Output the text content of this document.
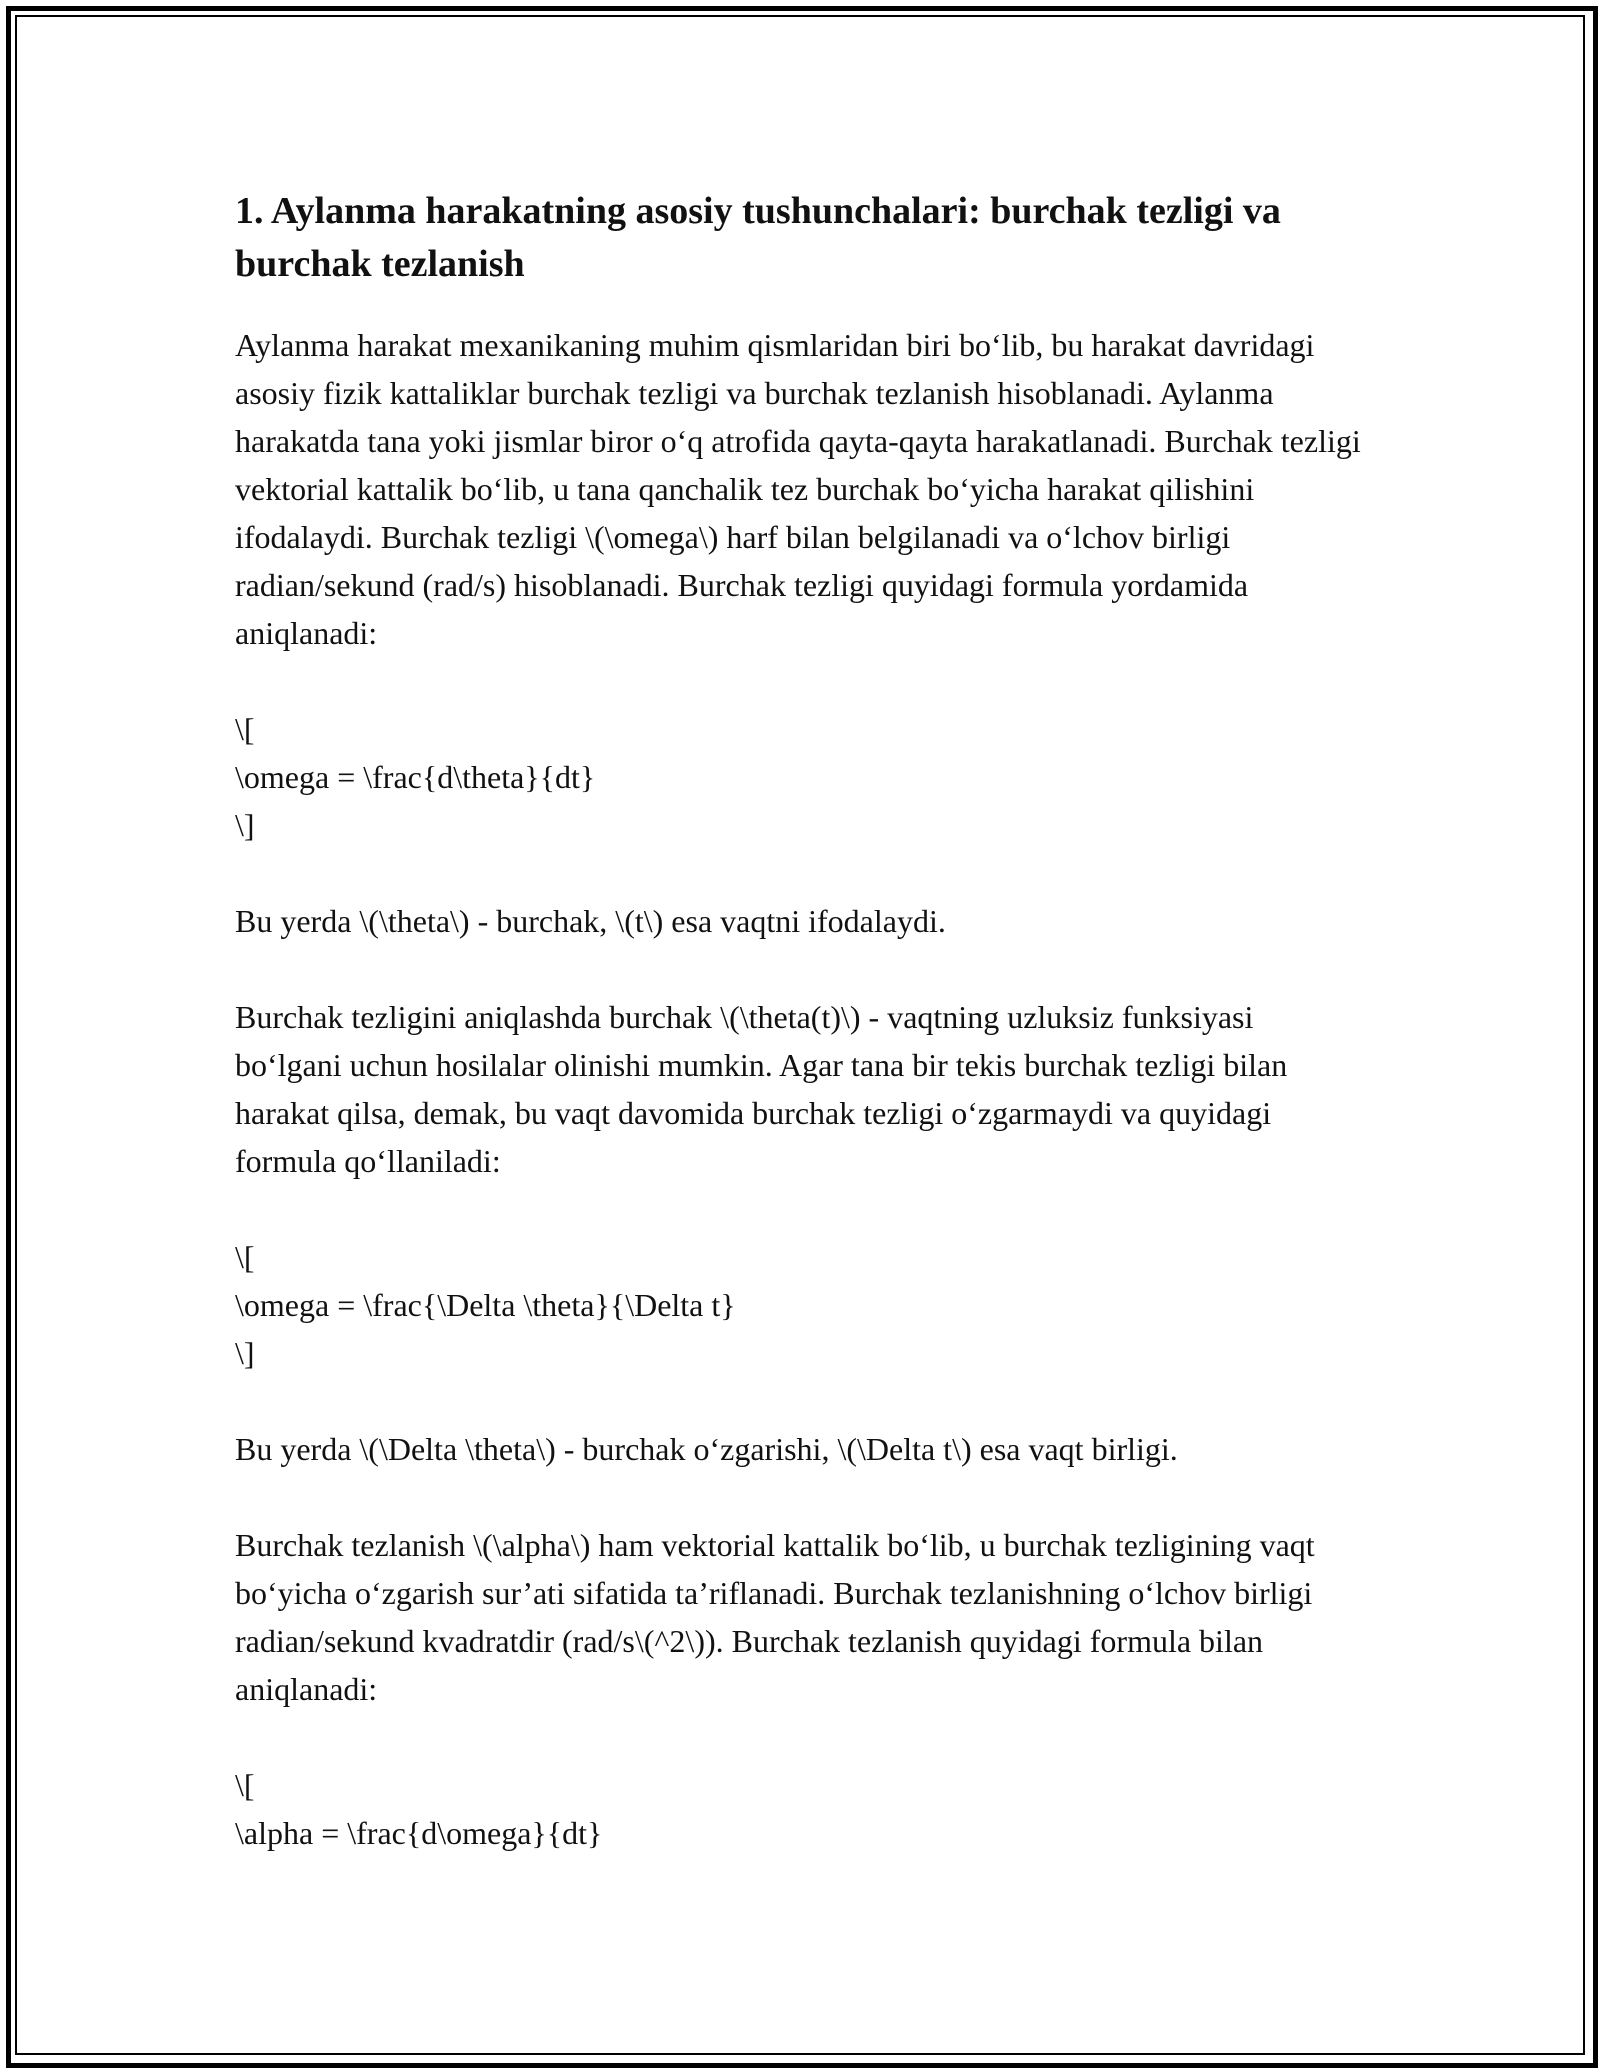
1. Aylanma harakatning asosiy tushunchalari: burchak tezligi va burchak tezlanish

Aylanma harakat mexanikaning muhim qismlaridan biri bo‘lib, bu harakat davridagi asosiy fizik kattaliklar burchak tezligi va burchak tezlanish hisoblanadi. Aylanma harakatda tana yoki jismlar biror o‘q atrofida qayta-qayta harakatlanadi. Burchak tezligi vektorial kattalik bo‘lib, u tana qanchalik tez burchak bo‘yicha harakat qilishini ifodalaydi. Burchak tezligi \(\omega\) harf bilan belgilanadi va o‘lchov birligi radian/sekund (rad/s) hisoblanadi. Burchak tezligi quyidagi formula yordamida aniqlanadi:

\[
\omega = \frac{d\theta}{dt}
\]

Bu yerda \(\theta\) - burchak, \(t\) esa vaqtni ifodalaydi.

Burchak tezligini aniqlashda burchak \(\theta(t)\) - vaqtning uzluksiz funksiyasi bo‘lgani uchun hosilalar olinishi mumkin. Agar tana bir tekis burchak tezligi bilan harakat qilsa, demak, bu vaqt davomida burchak tezligi o‘zgarmaydi va quyidagi formula qo‘llaniladi:

\[
\omega = \frac{\Delta \theta}{\Delta t}
\]

Bu yerda \(\Delta \theta\) - burchak o‘zgarishi, \(\Delta t\) esa vaqt birligi.

Burchak tezlanish \(\alpha\) ham vektorial kattalik bo‘lib, u burchak tezligining vaqt bo‘yicha o‘zgarish sur’ati sifatida ta’riflanadi. Burchak tezlanishning o‘lchov birligi radian/sekund kvadratdir (rad/s\(^2\)). Burchak tezlanish quyidagi formula bilan aniqlanadi:

\[
\alpha = \frac{d\omega}{dt}
